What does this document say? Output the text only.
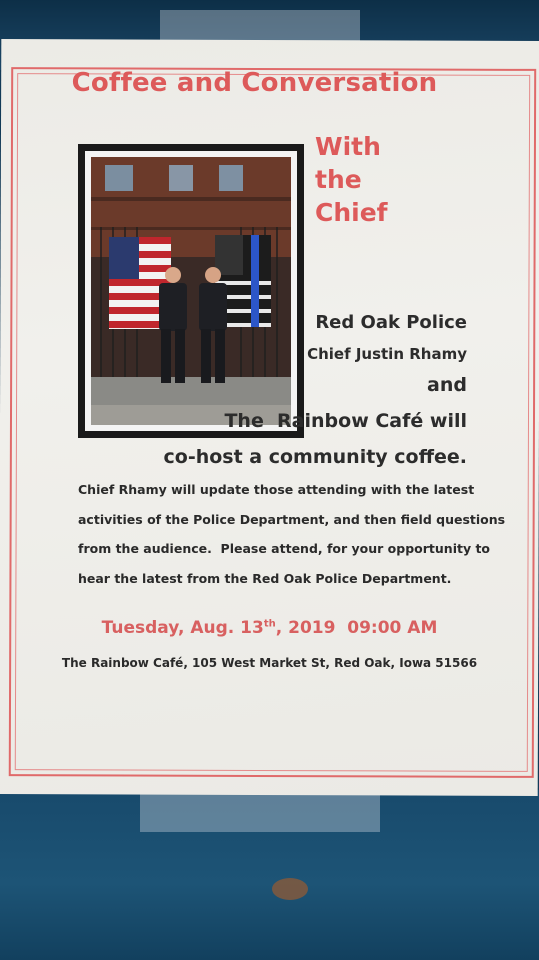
Coffee and Conversation
With
the
Chief
Red Oak Police
Chief Justin Rhamy
and
The  Rainbow Café will
co-host a community coffee.
Chief Rhamy will update those attending with the latest
activities of the Police Department, and then field questions
from the audience.  Please attend, for your opportunity to
hear the latest from the Red Oak Police Department.
Tuesday, Aug. 13th, 2019  09:00 AM
The Rainbow Café, 105 West Market St, Red Oak, Iowa 51566
